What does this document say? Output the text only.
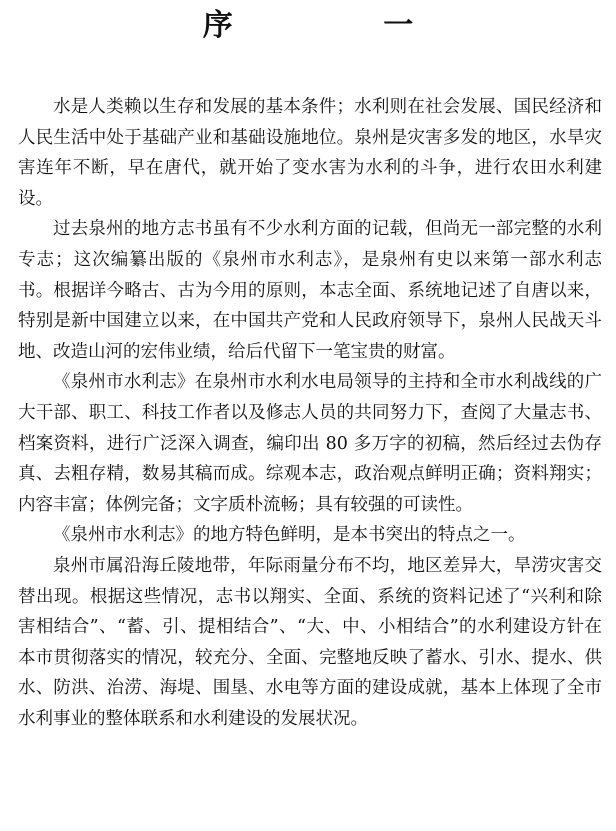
序 一

水是人类赖以生存和发展的基本条件；水利则在社会发展、国民经济和人民生活中处于基础产业和基础设施地位。泉州是灾害多发的地区，水旱灾害连年不断，早在唐代，就开始了变水害为水利的斗争，进行农田水利建设。

过去泉州的地方志书虽有不少水利方面的记载，但尚无一部完整的水利专志；这次编纂出版的《泉州市水利志》，是泉州有史以来第一部水利志书。根据详今略古、古为今用的原则，本志全面、系统地记述了自唐以来，特别是新中国建立以来，在中国共产党和人民政府领导下，泉州人民战天斗地、改造山河的宏伟业绩，给后代留下一笔宝贵的财富。

《泉州市水利志》在泉州市水利水电局领导的主持和全市水利战线的广大干部、职工、科技工作者以及修志人员的共同努力下，查阅了大量志书、档案资料，进行广泛深入调查，编印出 80 多万字的初稿，然后经过去伪存真、去粗存精，数易其稿而成。综观本志，政治观点鲜明正确；资料翔实；内容丰富；体例完备；文字质朴流畅；具有较强的可读性。

《泉州市水利志》的地方特色鲜明，是本书突出的特点之一。

泉州市属沿海丘陵地带，年际雨量分布不均，地区差异大，旱涝灾害交替出现。根据这些情况，志书以翔实、全面、系统的资料记述了“兴利和除害相结合”、“蓄、引、提相结合”、“大、中、小相结合”的水利建设方针在本市贯彻落实的情况，较充分、全面、完整地反映了蓄水、引水、提水、供水、防洪、治涝、海堤、围垦、水电等方面的建设成就，基本上体现了全市水利事业的整体联系和水利建设的发展状况。
